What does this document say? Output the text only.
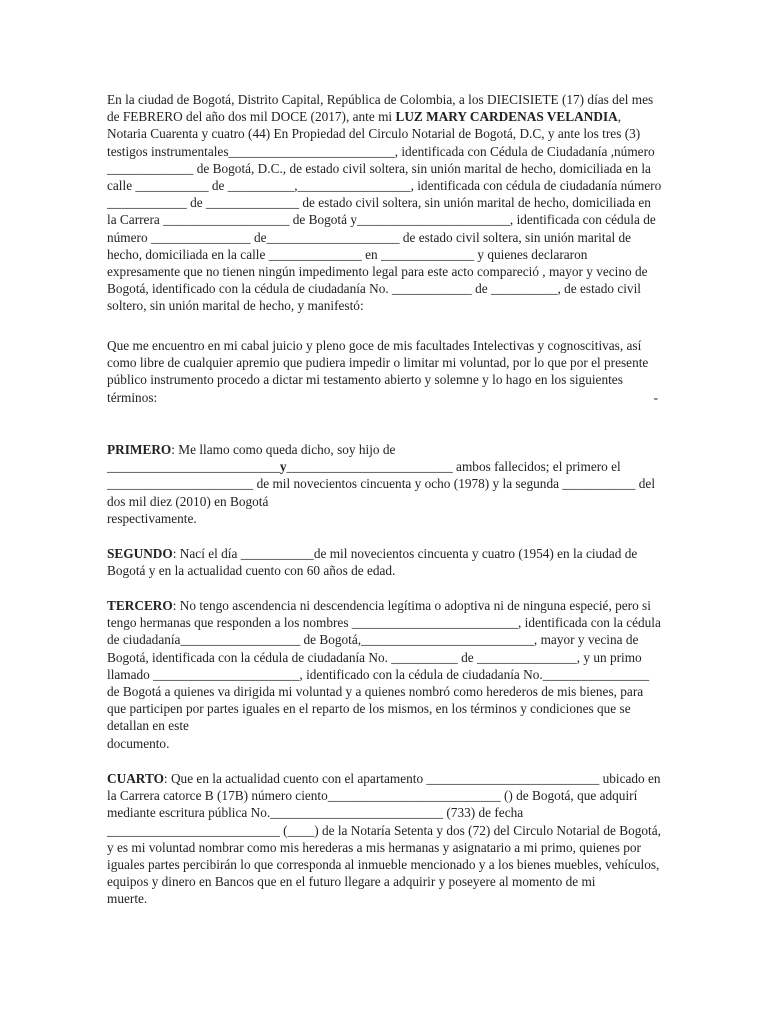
En la ciudad de Bogotá, Distrito Capital, República de Colombia, a los DIECISIETE (17) días del mes de FEBRERO del año dos mil DOCE (2017), ante mi LUZ MARY CARDENAS VELANDIA, Notaria Cuarenta y cuatro (44) En Propiedad del Circulo Notarial de Bogotá, D.C, y ante los tres (3) testigos instrumentales_________________________, identificada con Cédula de Ciudadanía ,número _____________ de Bogotá, D.C., de estado civil soltera, sin unión marital de hecho, domiciliada en la calle ___________ de __________,_________________, identificada con cédula de ciudadanía número ____________ de ______________ de estado civil soltera, sin unión marital de hecho, domiciliada en la Carrera ___________________ de Bogotá y_______________________, identificada con cédula de número _______________ de____________________ de estado civil soltera, sin unión marital de hecho, domiciliada en la calle ______________ en ______________ y quienes declararon expresamente que no tienen ningún impedimento legal para este acto compareció , mayor y vecino de Bogotá, identificado con la cédula de ciudadanía No. ____________ de __________, de estado civil soltero, sin unión marital de hecho, y manifestó:

Que me encuentro en mi cabal juicio y pleno goce de mis facultades Intelectivas y cognoscitivas, así como libre de cualquier apremio que pudiera impedir o limitar mi voluntad, por lo que por el presente público instrumento procedo a dictar mi testamento abierto y solemne y lo hago en los siguientes

términos:	-

PRIMERO: Me llamo como queda dicho, soy hijo de __________________________y_________________________ ambos fallecidos; el primero el ______________________ de mil novecientos cincuenta y ocho (1978) y la segunda ___________ del dos mil diez (2010) en Bogotá

respectivamente.

SEGUNDO: Nací el día ___________de mil novecientos cincuenta y cuatro (1954) en la ciudad de Bogotá y en la actualidad cuento con 60 años de edad.

TERCERO: No tengo ascendencia ni descendencia legítima o adoptiva ni de ninguna especié, pero si tengo hermanas que responden a los nombres _________________________, identificada con la cédula de ciudadanía__________________ de Bogotá,__________________________, mayor y vecina de Bogotá, identificada con la cédula de ciudadanía No. __________ de _______________, y un primo llamado ______________________, identificado con la cédula de ciudadanía No.________________ de Bogotá a quienes va dirigida mi voluntad y a quienes nombró como herederos de mis bienes, para que participen por partes iguales en el reparto de los mismos, en los términos y condiciones que se detallan en este

documento.

CUARTO: Que en la actualidad cuento con el apartamento __________________________ ubicado en la Carrera catorce B (17B) número ciento__________________________ () de Bogotá, que adquirí mediante escritura pública No.__________________________ (733) de fecha __________________________ (____) de la Notaría Setenta y dos (72) del Circulo Notarial de Bogotá, y es mi voluntad nombrar como mis herederas a mis hermanas y asignatario a mi primo, quienes por iguales partes percibirán lo que corresponda al inmueble mencionado y a los bienes muebles, vehículos, equipos y dinero en Bancos que en el futuro llegare a adquirir y poseyere al momento de mi

muerte.
